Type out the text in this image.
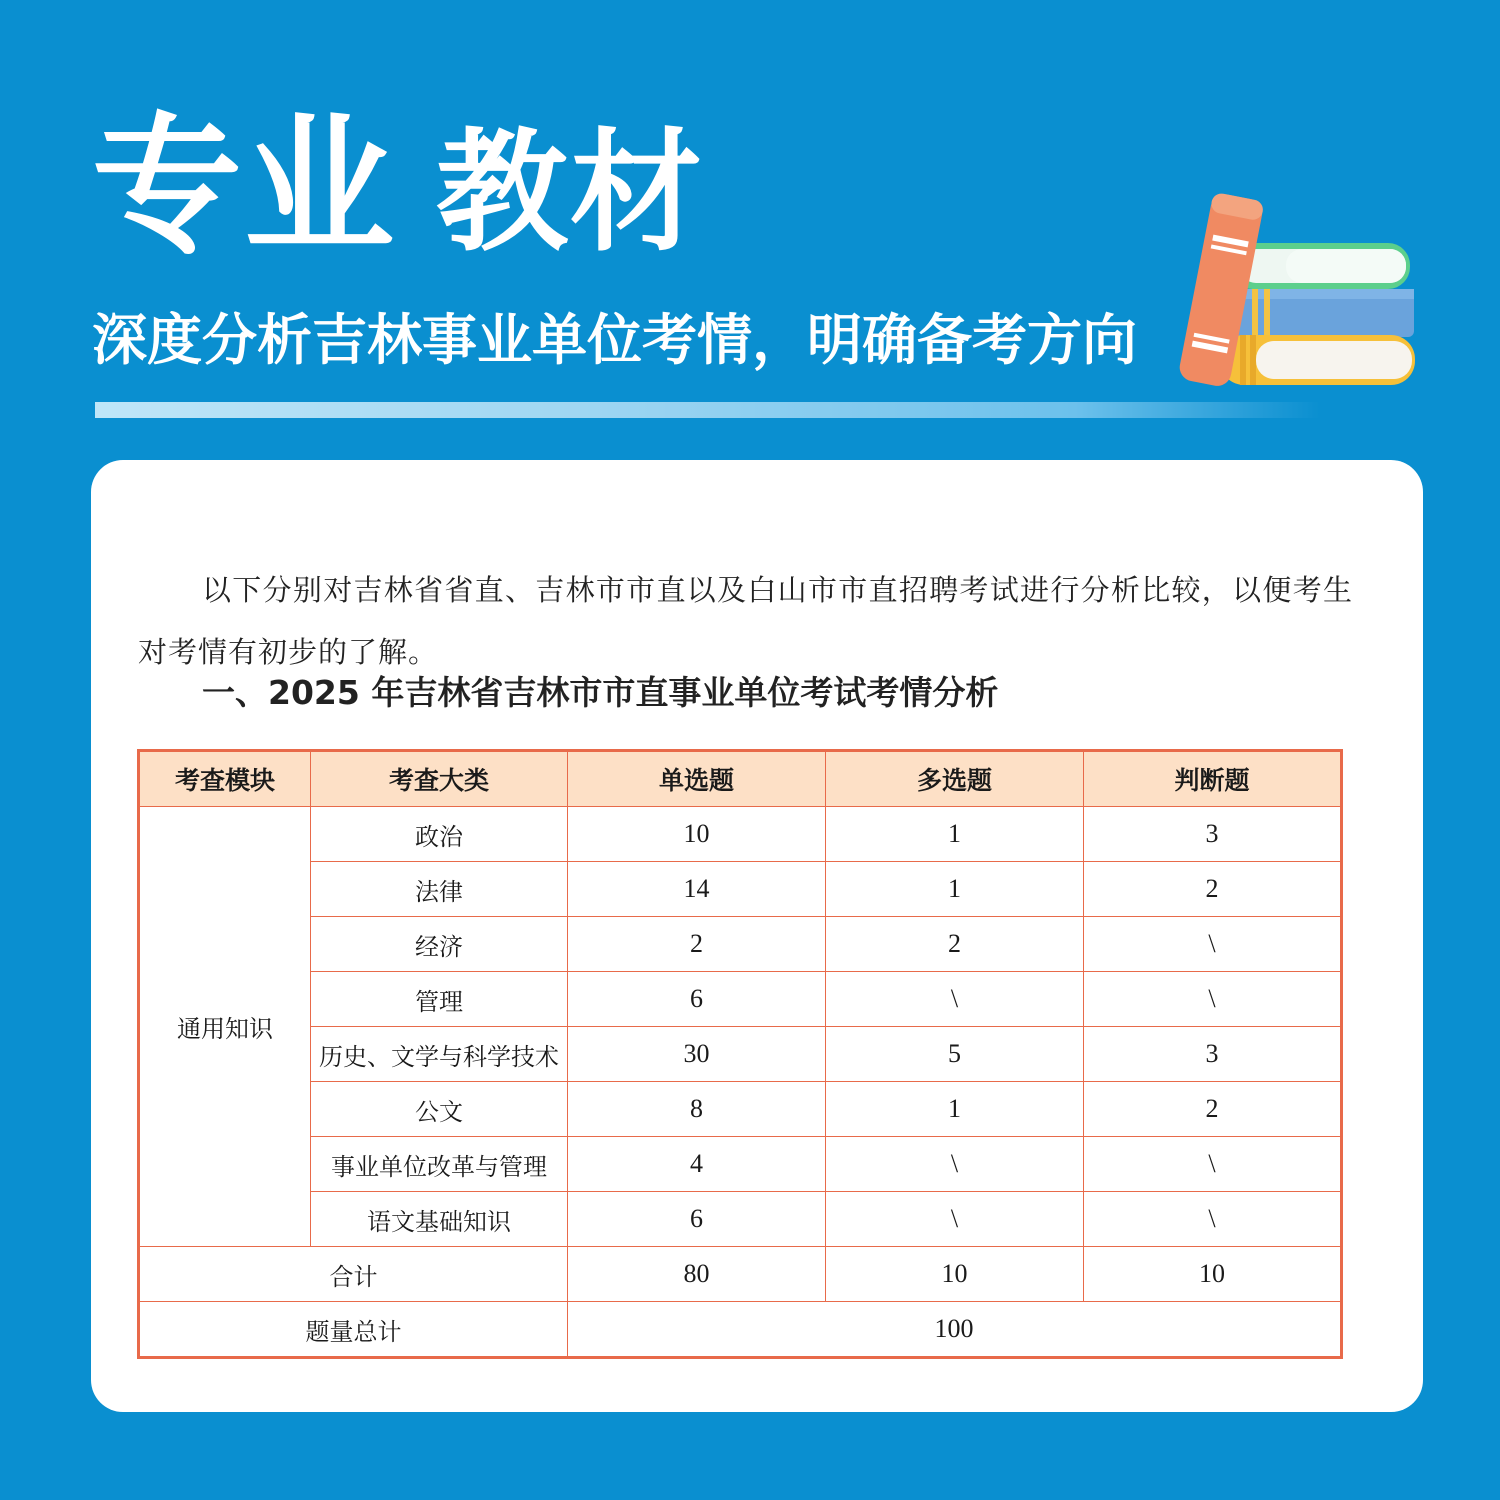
专业 教材
深度分析吉林事业单位考情，明确备考方向

以下分别对吉林省省直、吉林市市直以及白山市市直招聘考试进行分析比较，以便考生对考情有初步的了解。

一、2025 年吉林省吉林市市直事业单位考试考情分析
考查模块	考查大类	单选题	多选题	判断题
通用知识	政治	10	1	3
	法律	14	1	2
	经济	2	2	\
	管理	6	\	\
	历史、文学与科学技术	30	5	3
	公文	8	1	2
	事业单位改革与管理	4	\	\
	语文基础知识	6	\	\
合计		80	10	10
题量总计		100		
